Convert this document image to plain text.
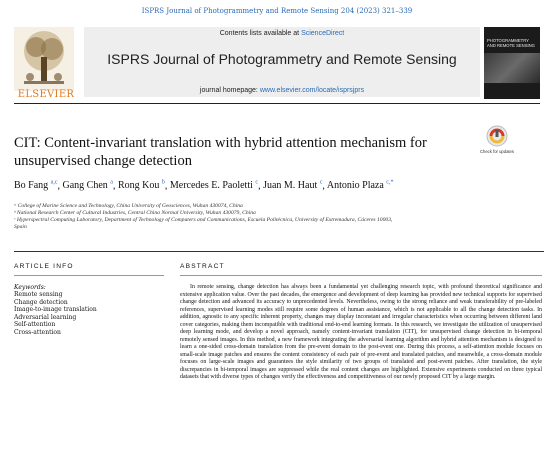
ISPRS Journal of Photogrammetry and Remote Sensing 204 (2023) 321–339
ELSEVIER
Contents lists available at ScienceDirect
ISPRS Journal of Photogrammetry and Remote Sensing
journal homepage: www.elsevier.com/locate/isprsjprs
PHOTOGRAMMETRY AND REMOTE SENSING
CIT: Content-invariant translation with hybrid attention mechanism for unsupervised change detection
Check for updates
Bo Fang $^{a,c}$, Gang Chen $^a$, Rong Kou $^b$, Mercedes E. Paoletti $^c$, Juan M. Haut $^c$, Antonio Plaza $^{c,*}$
ᵃ College of Marine Science and Technology, China University of Geosciences, Wuhan 430074, China
ᵇ National Research Center of Cultural Industries, Central China Normal University, Wuhan 430079, China
ᶜ Hyperspectral Computing Laboratory, Department of Technology of Computers and Communications, Escuela Politécnica, University of Extremadura, Cáceres 10003,
Spain
ARTICLE INFO	ABSTRACT
Keywords:
Remote sensing
Change detection
Image-to-image translation
Adversarial learning
Self-attention
Cross-attention

In remote sensing, change detection has always been a fundamental yet challenging research topic, with profound theoretical significance and extensive application value. Over the past decades, the emergence and development of deep learning has provided new technical supports for supervised change detection and advanced its accuracy to unprecedented levels. Nevertheless, owing to the strong reliance and weak transferability of pre-labeled references, supervised learning modes still require some degrees of human assistance, which is not applicable to all the change detection tasks. In addition, agnostic to any specific inherent property, changes may display inconstant and irregular characteristics when occurring between different land cover categories, making them incompatible with traditional end-to-end learning formats. In this research, we investigate the utilization of unsupervised deep learning mode, and develop a novel approach, namely content-invariant translation (CIT), for unsupervised change detection in bi-temporal remotely sensed images. In this method, a new framework integrating the adversarial learning algorithm and hybrid attention mechanism is designed to learn a one-sided cross-domain translation from the pre-event domain to the post-event one. During this process, a self-attention module focuses on small-scale image patches and ensures the content consistency of each pair of pre-event and translated patches, and meanwhile, a cross-domain module focuses on large-scale images and guarantees the style similarity of two groups of translated and post-event patches. After translation, the style discrepancies in bi-temporal images are suppressed while the real content changes are highlighted. Extensive experiments conducted on three typical datasets that with diverse types of changes verify the effectiveness and competitiveness of our newly proposed CIT by a large margin.
